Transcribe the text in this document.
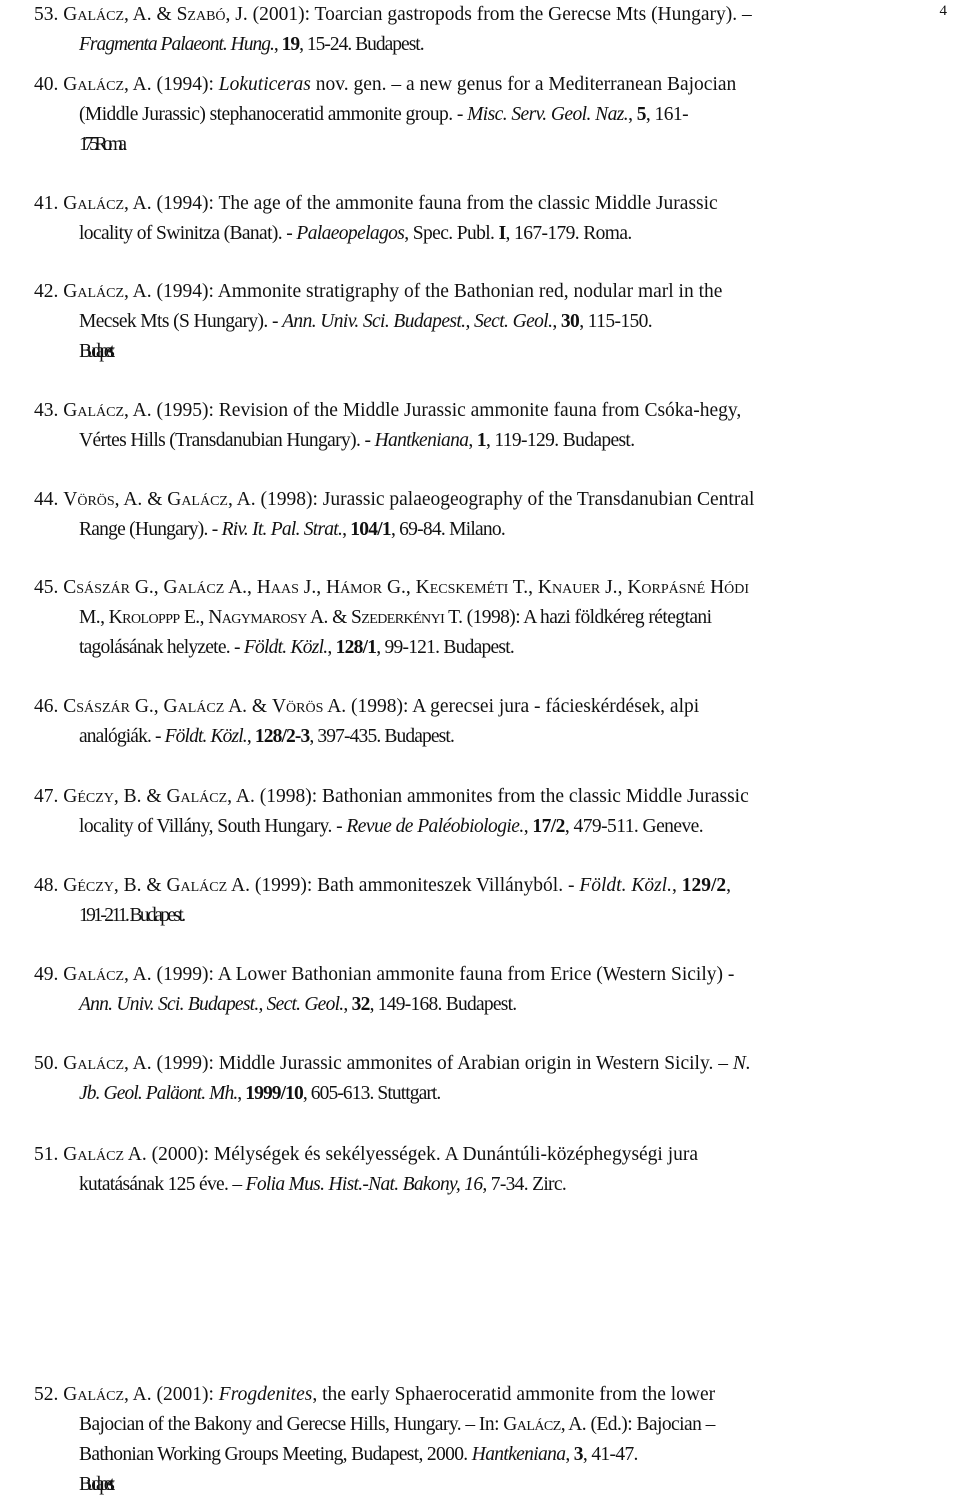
4
40. Galácz, A. (1994): Lokuticeras nov. gen. – a new genus for a Mediterranean Bajocian
(Middle Jurassic) stephanoceratid ammonite group. - Misc. Serv. Geol. Naz., 5, 161-
175. Roma.
41. Galácz, A. (1994): The age of the ammonite fauna from the classic Middle Jurassic
locality of Swinitza (Banat). - Palaeopelagos, Spec. Publ. I, 167-179. Roma.
42. Galácz, A. (1994): Ammonite stratigraphy of the Bathonian red, nodular marl in the
Mecsek Mts (S Hungary). - Ann. Univ. Sci. Budapest., Sect. Geol., 30, 115-150.
Budapest.
43. Galácz, A. (1995): Revision of the Middle Jurassic ammonite fauna from Csóka-hegy,
Vértes Hills (Transdanubian Hungary). - Hantkeniana, 1, 119-129. Budapest.
44. Vörös, A. & Galácz, A. (1998): Jurassic palaeogeography of the Transdanubian Central
Range (Hungary). - Riv. It. Pal. Strat., 104/1, 69-84. Milano.
45. Császár G., Galácz A., Haas J., Hámor G., Kecskeméti T., Knauer J., Korpásné Hódi
M., Kroloppp E., Nagymarosy A. & Szederkényi T. (1998): A hazi földkéreg rétegtani
tagolásának helyzete. - Földt. Közl., 128/1, 99-121. Budapest.
46. Császár G., Galácz A. & Vörös A. (1998): A gerecsei jura - fácieskérdések, alpi
analógiák. - Földt. Közl., 128/2-3, 397-435. Budapest.
47. Géczy, B. & Galácz, A. (1998): Bathonian ammonites from the classic Middle Jurassic
locality of Villány, South Hungary. - Revue de Paléobiologie., 17/2, 479-511. Geneve.
48. Géczy, B. & Galácz A. (1999): Bath ammoniteszek Villányból. - Földt. Közl., 129/2,
191-211. Budapest.
49. Galácz, A. (1999): A Lower Bathonian ammonite fauna from Erice (Western Sicily) -
Ann. Univ. Sci. Budapest., Sect. Geol., 32, 149-168. Budapest.
50. Galácz, A. (1999): Middle Jurassic ammonites of Arabian origin in Western Sicily. – N.
Jb. Geol. Paläont. Mh., 1999/10, 605-613. Stuttgart.
51. Galácz A. (2000): Mélységek és sekélyességek. A Dunántúli-középhegységi jura
kutatásának 125 éve. – Folia Mus. Hist.-Nat. Bakony, 16, 7-34. Zirc.
52. Galácz, A. (2001): Frogdenites, the early Sphaeroceratid ammonite from the lower
Bajocian of the Bakony and Gerecse Hills, Hungary. – In: Galácz, A. (Ed.): Bajocian –
Bathonian Working Groups Meeting, Budapest, 2000. Hantkeniana, 3, 41-47.
Budapest.
53. Galácz, A. & Szabó, J. (2001): Toarcian gastropods from the Gerecse Mts (Hungary). –
Fragmenta Palaeont. Hung., 19, 15-24. Budapest.
